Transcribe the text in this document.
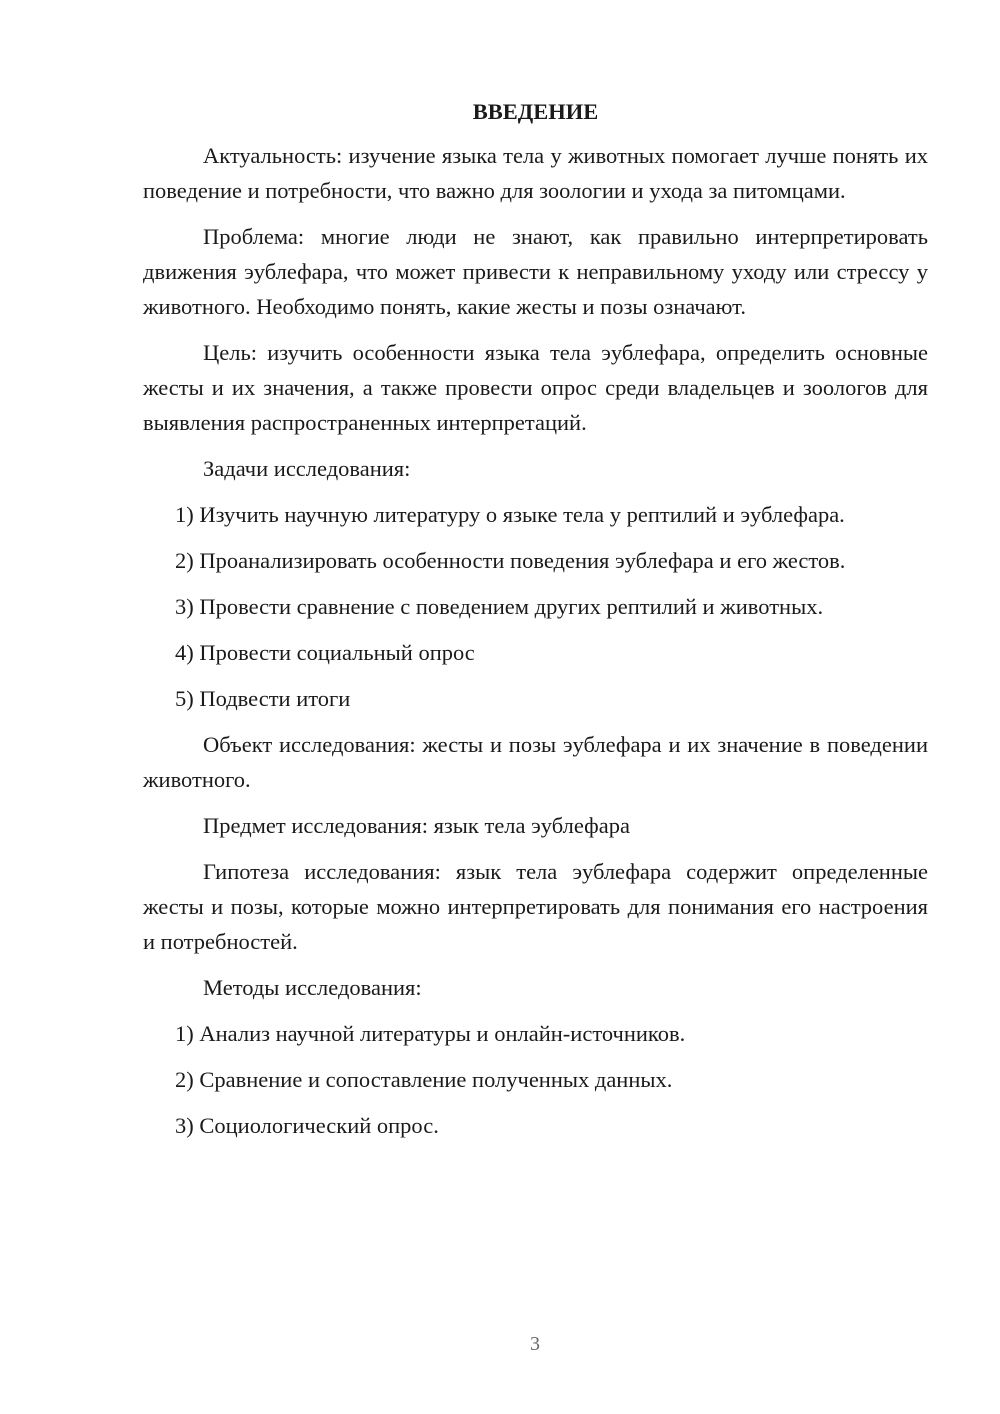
ВВЕДЕНИЕ

Актуальность: изучение языка тела у животных помогает лучше понять их поведение и потребности, что важно для зоологии и ухода за питомцами.

Проблема: многие люди не знают, как правильно интерпретировать движения эублефара, что может привести к неправильному уходу или стрессу у животного. Необходимо понять, какие жесты и позы означают.

Цель: изучить особенности языка тела эублефара, определить основные жесты и их значения, а также провести опрос среди владельцев и зоологов для выявления распространенных интерпретаций.

Задачи исследования:

1) Изучить научную литературу о языке тела у рептилий и эублефара.
2) Проанализировать особенности поведения эублефара и его жестов.
3) Провести сравнение с поведением других рептилий и животных.
4) Провести социальный опрос
5) Подвести итоги

Объект исследования: жесты и позы эублефара и их значение в поведении животного.

Предмет исследования: язык тела эублефара

Гипотеза исследования: язык тела эублефара содержит определенные жесты и позы, которые можно интерпретировать для понимания его настроения и потребностей.

Методы исследования:

1) Анализ научной литературы и онлайн-источников.
2) Сравнение и сопоставление полученных данных.
3) Социологический опрос.
3
